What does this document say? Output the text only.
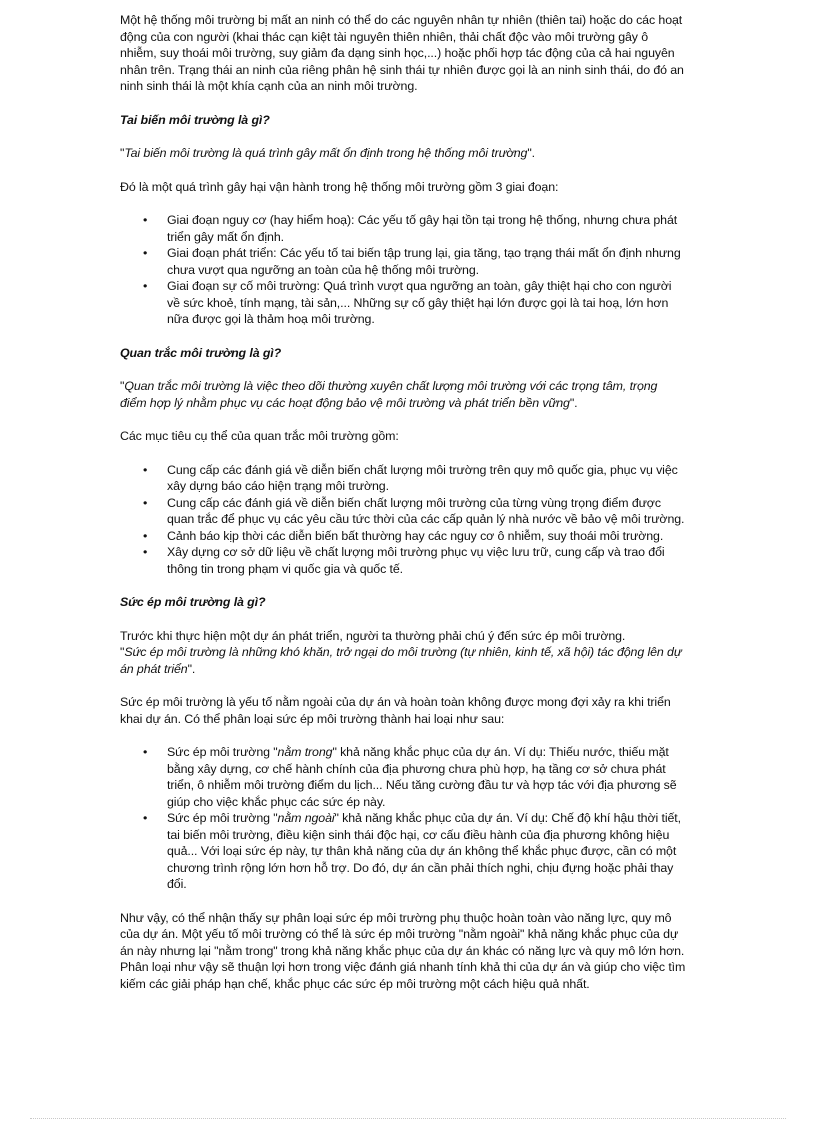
Một hệ thống môi trường bị mất an ninh có thể do các nguyên nhân tự nhiên (thiên tai) hoặc do các hoạt động của con người (khai thác cạn kiệt tài nguyên thiên nhiên, thải chất độc vào môi trường gây ô nhiễm, suy thoái môi trường, suy giảm đa dạng sinh học,...) hoặc phối hợp tác động của cả hai nguyên nhân trên. Trạng thái an ninh của riêng phân hệ sinh thái tự nhiên được gọi là an ninh sinh thái, do đó an ninh sinh thái là một khía cạnh của an ninh môi trường.

Tai biến môi trường là gì?

"Tai biến môi trường là quá trình gây mất ổn định trong hệ thống môi trường".

Đó là một quá trình gây hại vận hành trong hệ thống môi trường gồm 3 giai đoạn:

• Giai đoạn nguy cơ (hay hiểm hoạ): Các yếu tố gây hại tồn tại trong hệ thống, nhưng chưa phát triển gây mất ổn định.
• Giai đoạn phát triển: Các yếu tố tai biến tập trung lại, gia tăng, tạo trạng thái mất ổn định nhưng chưa vượt qua ngưỡng an toàn của hệ thống môi trường.
• Giai đoạn sự cố môi trường: Quá trình vượt qua ngưỡng an toàn, gây thiệt hại cho con người về sức khoẻ, tính mạng, tài sản,... Những sự cố gây thiệt hại lớn được gọi là tai hoạ, lớn hơn nữa được gọi là thảm hoạ môi trường.

Quan trắc môi trường là gì?

"Quan trắc môi trường là việc theo dõi thường xuyên chất lượng môi trường với các trọng tâm, trọng điểm hợp lý nhằm phục vụ các hoạt động bảo vệ môi trường và phát triển bền vững".

Các mục tiêu cụ thể của quan trắc môi trường gồm:

• Cung cấp các đánh giá về diễn biến chất lượng môi trường trên quy mô quốc gia, phục vụ việc xây dựng báo cáo hiện trạng môi trường.
• Cung cấp các đánh giá về diễn biến chất lượng môi trường của từng vùng trọng điểm được quan trắc để phục vụ các yêu cầu tức thời của các cấp quản lý nhà nước về bảo vệ môi trường.
• Cảnh báo kịp thời các diễn biến bất thường hay các nguy cơ ô nhiễm, suy thoái môi trường.
• Xây dựng cơ sở dữ liệu về chất lượng môi trường phục vụ việc lưu trữ, cung cấp và trao đổi thông tin trong phạm vi quốc gia và quốc tế.

Sức ép môi trường là gì?

Trước khi thực hiện một dự án phát triển, người ta thường phải chú ý đến sức ép môi trường.
"Sức ép môi trường là những khó khăn, trở ngại do môi trường (tự nhiên, kinh tế, xã hội) tác động lên dự án phát triển".

Sức ép môi trường là yếu tố nằm ngoài của dự án và hoàn toàn không được mong đợi xảy ra khi triển khai dự án. Có thể phân loại sức ép môi trường thành hai loại như sau:

• Sức ép môi trường "nằm trong" khả năng khắc phục của dự án. Ví dụ: Thiếu nước, thiếu mặt bằng xây dựng, cơ chế hành chính của địa phương chưa phù hợp, hạ tầng cơ sở chưa phát triển, ô nhiễm môi trường điểm du lịch... Nếu tăng cường đầu tư và hợp tác với địa phương sẽ giúp cho việc khắc phục các sức ép này.
• Sức ép môi trường "nằm ngoài" khả năng khắc phục của dự án. Ví dụ: Chế độ khí hậu thời tiết, tai biến môi trường, điều kiện sinh thái độc hại, cơ cấu điều hành của địa phương không hiệu quả... Với loại sức ép này, tự thân khả năng của dự án không thể khắc phục được, cần có một chương trình rộng lớn hơn hỗ trợ. Do đó, dự án cần phải thích nghi, chịu đựng hoặc phải thay đổi.

Như vậy, có thể nhận thấy sự phân loại sức ép môi trường phụ thuộc hoàn toàn vào năng lực, quy mô của dự án. Một yếu tố môi trường có thể là sức ép môi trường "nằm ngoài" khả năng khắc phục của dự án này nhưng lại "nằm trong" trong khả năng khắc phục của dự án khác có năng lực và quy mô lớn hơn. Phân loại như vậy sẽ thuận lợi hơn trong việc đánh giá nhanh tính khả thi của dự án và giúp cho việc tìm kiếm các giải pháp hạn chế, khắc phục các sức ép môi trường một cách hiệu quả nhất.
